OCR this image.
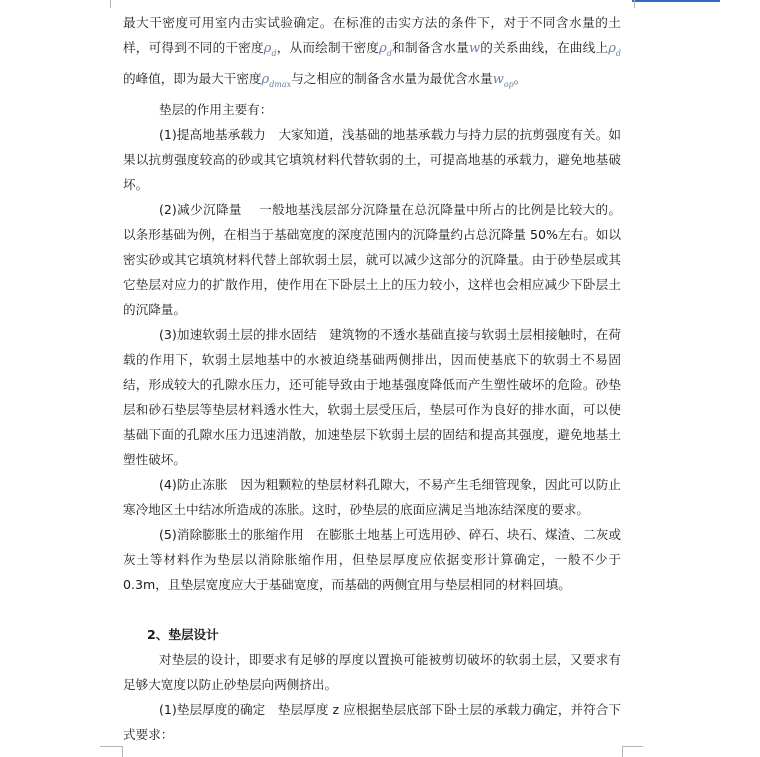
最大干密度可用室内击实试验确定。在标准的击实方法的条件下，对于不同含水量的土样，可得到不同的干密度$\rho_d$，从而绘制干密度$\rho_d$和制备含水量w的关系曲线，在曲线上$\rho_d$的峰值，即为最大干密度$\rho_{dmax}$与之相应的制备含水量为最优含水量$w_{op}$。

垫层的作用主要有：

(1)提高地基承载力　大家知道，浅基础的地基承载力与持力层的抗剪强度有关。如果以抗剪强度较高的砂或其它填筑材料代替软弱的土，可提高地基的承载力，避免地基破坏。

(2)减少沉降量　 一般地基浅层部分沉降量在总沉降量中所占的比例是比较大的。以条形基础为例，在相当于基础宽度的深度范围内的沉降量约占总沉降量 50%左右。如以密实砂或其它填筑材料代替上部软弱土层，就可以减少这部分的沉降量。由于砂垫层或其它垫层对应力的扩散作用，使作用在下卧层土上的压力较小，这样也会相应减少下卧层土的沉降量。

(3)加速软弱土层的排水固结　建筑物的不透水基础直接与软弱土层相接触时，在荷载的作用下，软弱土层地基中的水被迫绕基础两侧排出，因而使基底下的软弱土不易固结，形成较大的孔隙水压力，还可能导致由于地基强度降低而产生塑性破坏的危险。砂垫层和砂石垫层等垫层材料透水性大，软弱土层受压后，垫层可作为良好的排水面，可以使基础下面的孔隙水压力迅速消散，加速垫层下软弱土层的固结和提高其强度，避免地基土塑性破坏。

(4)防止冻胀　因为粗颗粒的垫层材料孔隙大，不易产生毛细管现象，因此可以防止寒冷地区土中结冰所造成的冻胀。这时，砂垫层的底面应满足当地冻结深度的要求。

(5)消除膨胀土的胀缩作用　在膨胀土地基上可选用砂、碎石、块石、煤渣、二灰或灰土等材料作为垫层以消除胀缩作用，但垫层厚度应依据变形计算确定，一般不少于 0.3m，且垫层宽度应大于基础宽度，而基础的两侧宜用与垫层相同的材料回填。

2、垫层设计

对垫层的设计，即要求有足够的厚度以置换可能被剪切破坏的软弱土层，又要求有足够大宽度以防止砂垫层向两侧挤出。

(1)垫层厚度的确定　垫层厚度 z 应根据垫层底部下卧土层的承载力确定，并符合下式要求：
